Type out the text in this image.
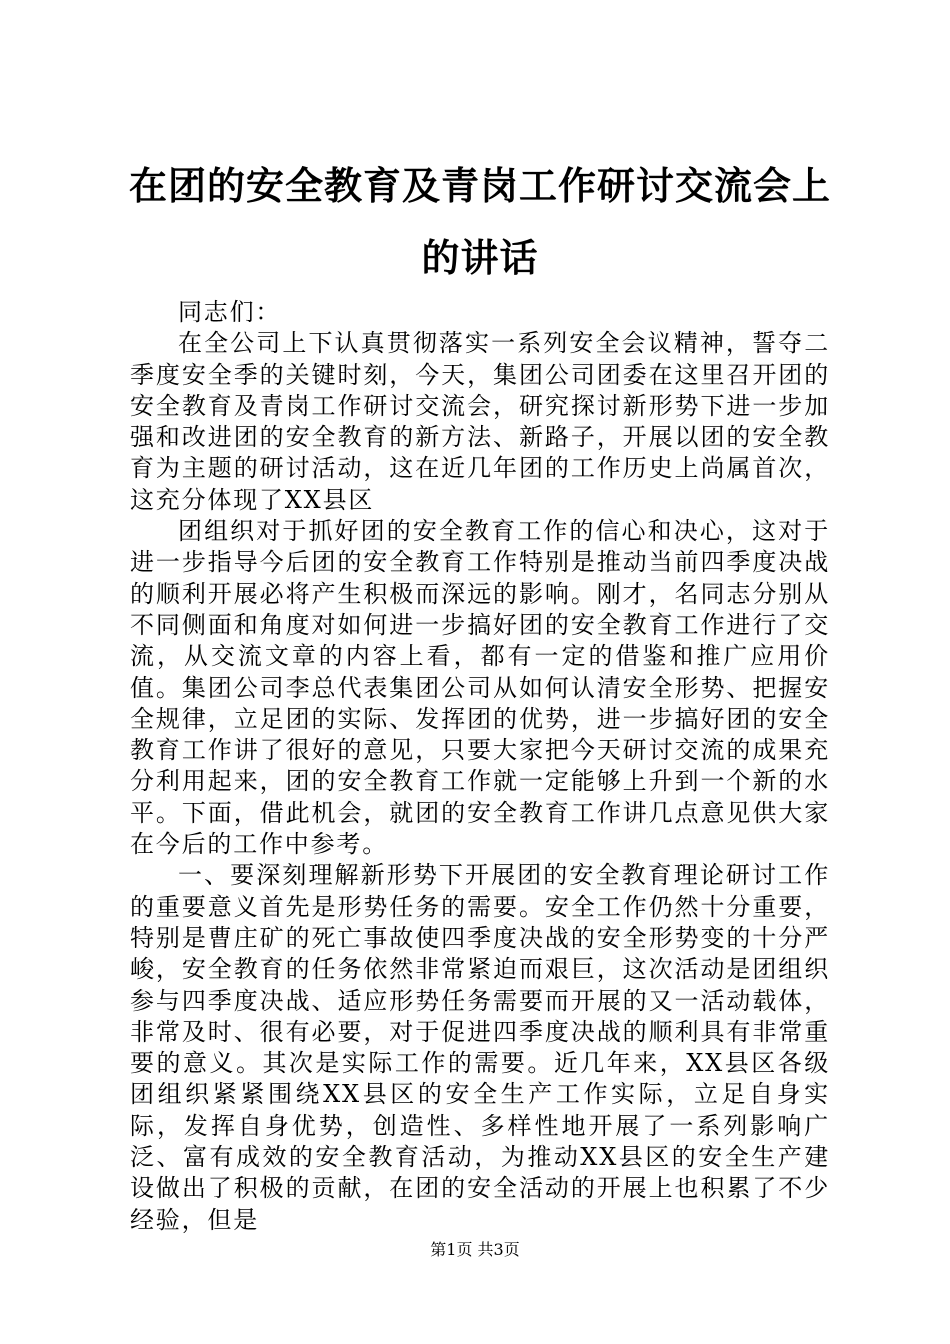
在团的安全教育及青岗工作研讨交流会上的讲话

同志们：

在全公司上下认真贯彻落实一系列安全会议精神，誓夺二季度安全季的关键时刻，今天，集团公司团委在这里召开团的安全教育及青岗工作研讨交流会，研究探讨新形势下进一步加强和改进团的安全教育的新方法、新路子，开展以团的安全教育为主题的研讨活动，这在近几年团的工作历史上尚属首次，这充分体现了XX县区

团组织对于抓好团的安全教育工作的信心和决心，这对于进一步指导今后团的安全教育工作特别是推动当前四季度决战的顺利开展必将产生积极而深远的影响。刚才，名同志分别从不同侧面和角度对如何进一步搞好团的安全教育工作进行了交流，从交流文章的内容上看，都有一定的借鉴和推广应用价值。集团公司李总代表集团公司从如何认清安全形势、把握安全规律，立足团的实际、发挥团的优势，进一步搞好团的安全教育工作讲了很好的意见，只要大家把今天研讨交流的成果充分利用起来，团的安全教育工作就一定能够上升到一个新的水平。下面，借此机会，就团的安全教育工作讲几点意见供大家在今后的工作中参考。

一、要深刻理解新形势下开展团的安全教育理论研讨工作的重要意义首先是形势任务的需要。安全工作仍然十分重要，特别是曹庄矿的死亡事故使四季度决战的安全形势变的十分严峻，安全教育的任务依然非常紧迫而艰巨，这次活动是团组织参与四季度决战、适应形势任务需要而开展的又一活动载体，非常及时、很有必要，对于促进四季度决战的顺利具有非常重要的意义。其次是实际工作的需要。近几年来，XX县区各级团组织紧紧围绕XX县区的安全生产工作实际，立足自身实际，发挥自身优势，创造性、多样性地开展了一系列影响广泛、富有成效的安全教育活动，为推动XX县区的安全生产建设做出了积极的贡献，在团的安全活动的开展上也积累了不少经验，但是

第1页 共3页
